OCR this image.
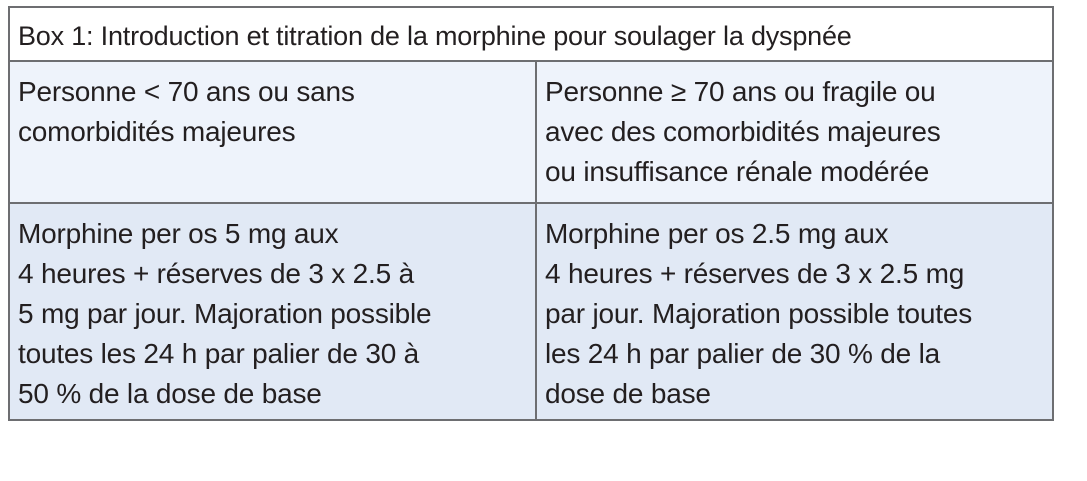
Box 1: Introduction et titration de la morphine pour soulager la dyspnée
Personne < 70 ans ou sans
comorbidités majeures
Personne ≥ 70 ans ou fragile ou
avec des comorbidités majeures
ou insuffisance rénale modérée
Morphine per os 5 mg aux
4 heures + réserves de 3 x 2.5 à
5 mg par jour. Majoration possible
toutes les 24 h par palier de 30 à
50 % de la dose de base
Morphine per os 2.5 mg aux
4 heures + réserves de 3 x 2.5 mg
par jour. Majoration possible toutes
les 24 h par palier de 30 % de la
dose de base
